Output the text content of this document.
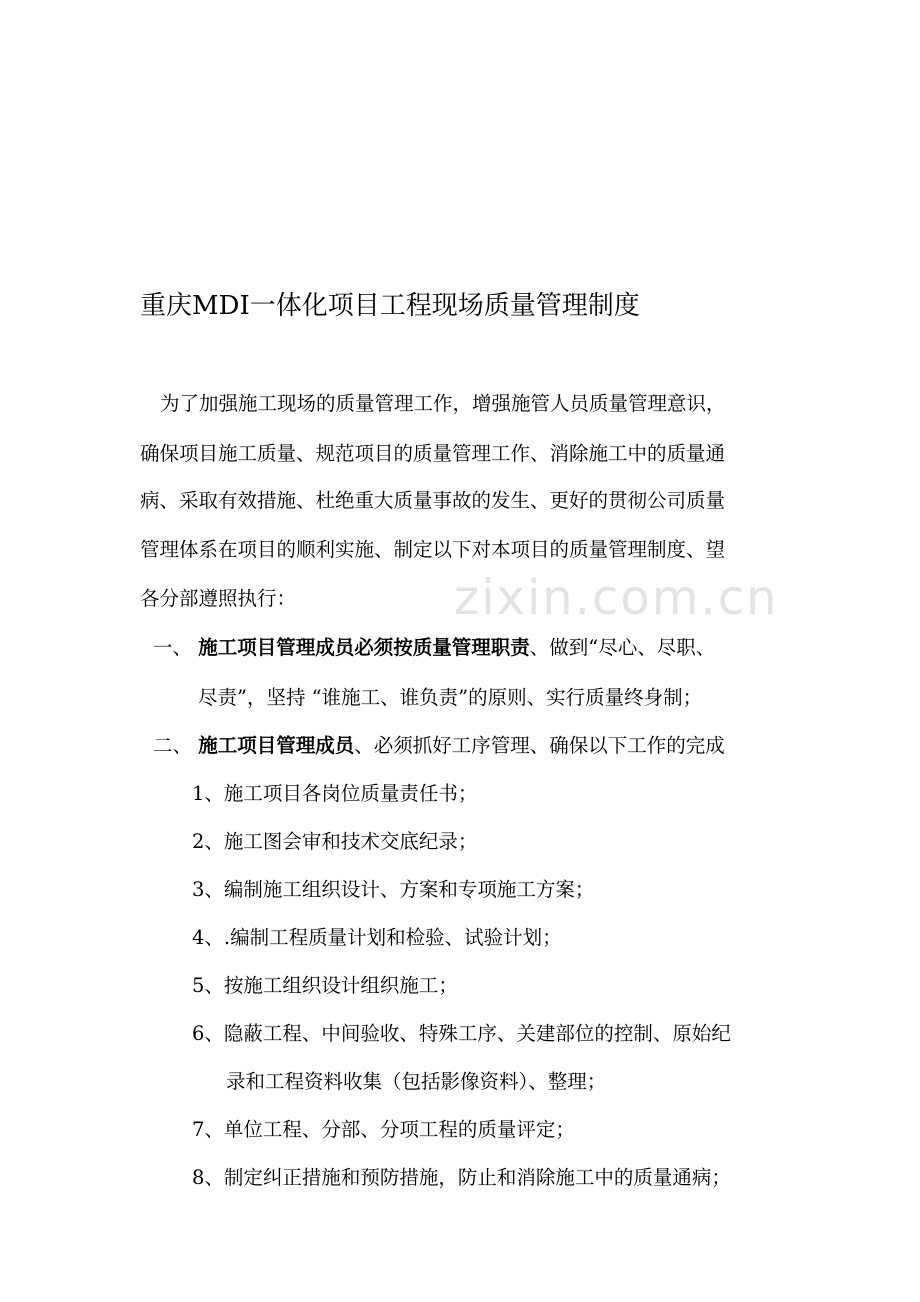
zixin.com.cn
重庆MDI一体化项目工程现场质量管理制度
为了加强施工现场的质量管理工作，增强施管人员质量管理意识，
确保项目施工质量、规范项目的质量管理工作、消除施工中的质量通
病、采取有效措施、杜绝重大质量事故的发生、更好的贯彻公司质量
管理体系在项目的顺利实施、制定以下对本项目的质量管理制度、望
各分部遵照执行：
一、 施工项目管理成员必须按质量管理职责、做到“尽心、尽职、
尽责”，坚持 “谁施工、谁负责”的原则、实行质量终身制；
二、 施工项目管理成员、必须抓好工序管理、确保以下工作的完成
1、施工项目各岗位质量责任书；
2、施工图会审和技术交底纪录；
3、编制施工组织设计、方案和专项施工方案；
4、.编制工程质量计划和检验、试验计划；
5、按施工组织设计组织施工；
6、隐蔽工程、中间验收、特殊工序、关建部位的控制、原始纪
录和工程资料收集（包括影像资料）、整理；
7、单位工程、分部、分项工程的质量评定；
8、制定纠正措施和预防措施，防止和消除施工中的质量通病；
